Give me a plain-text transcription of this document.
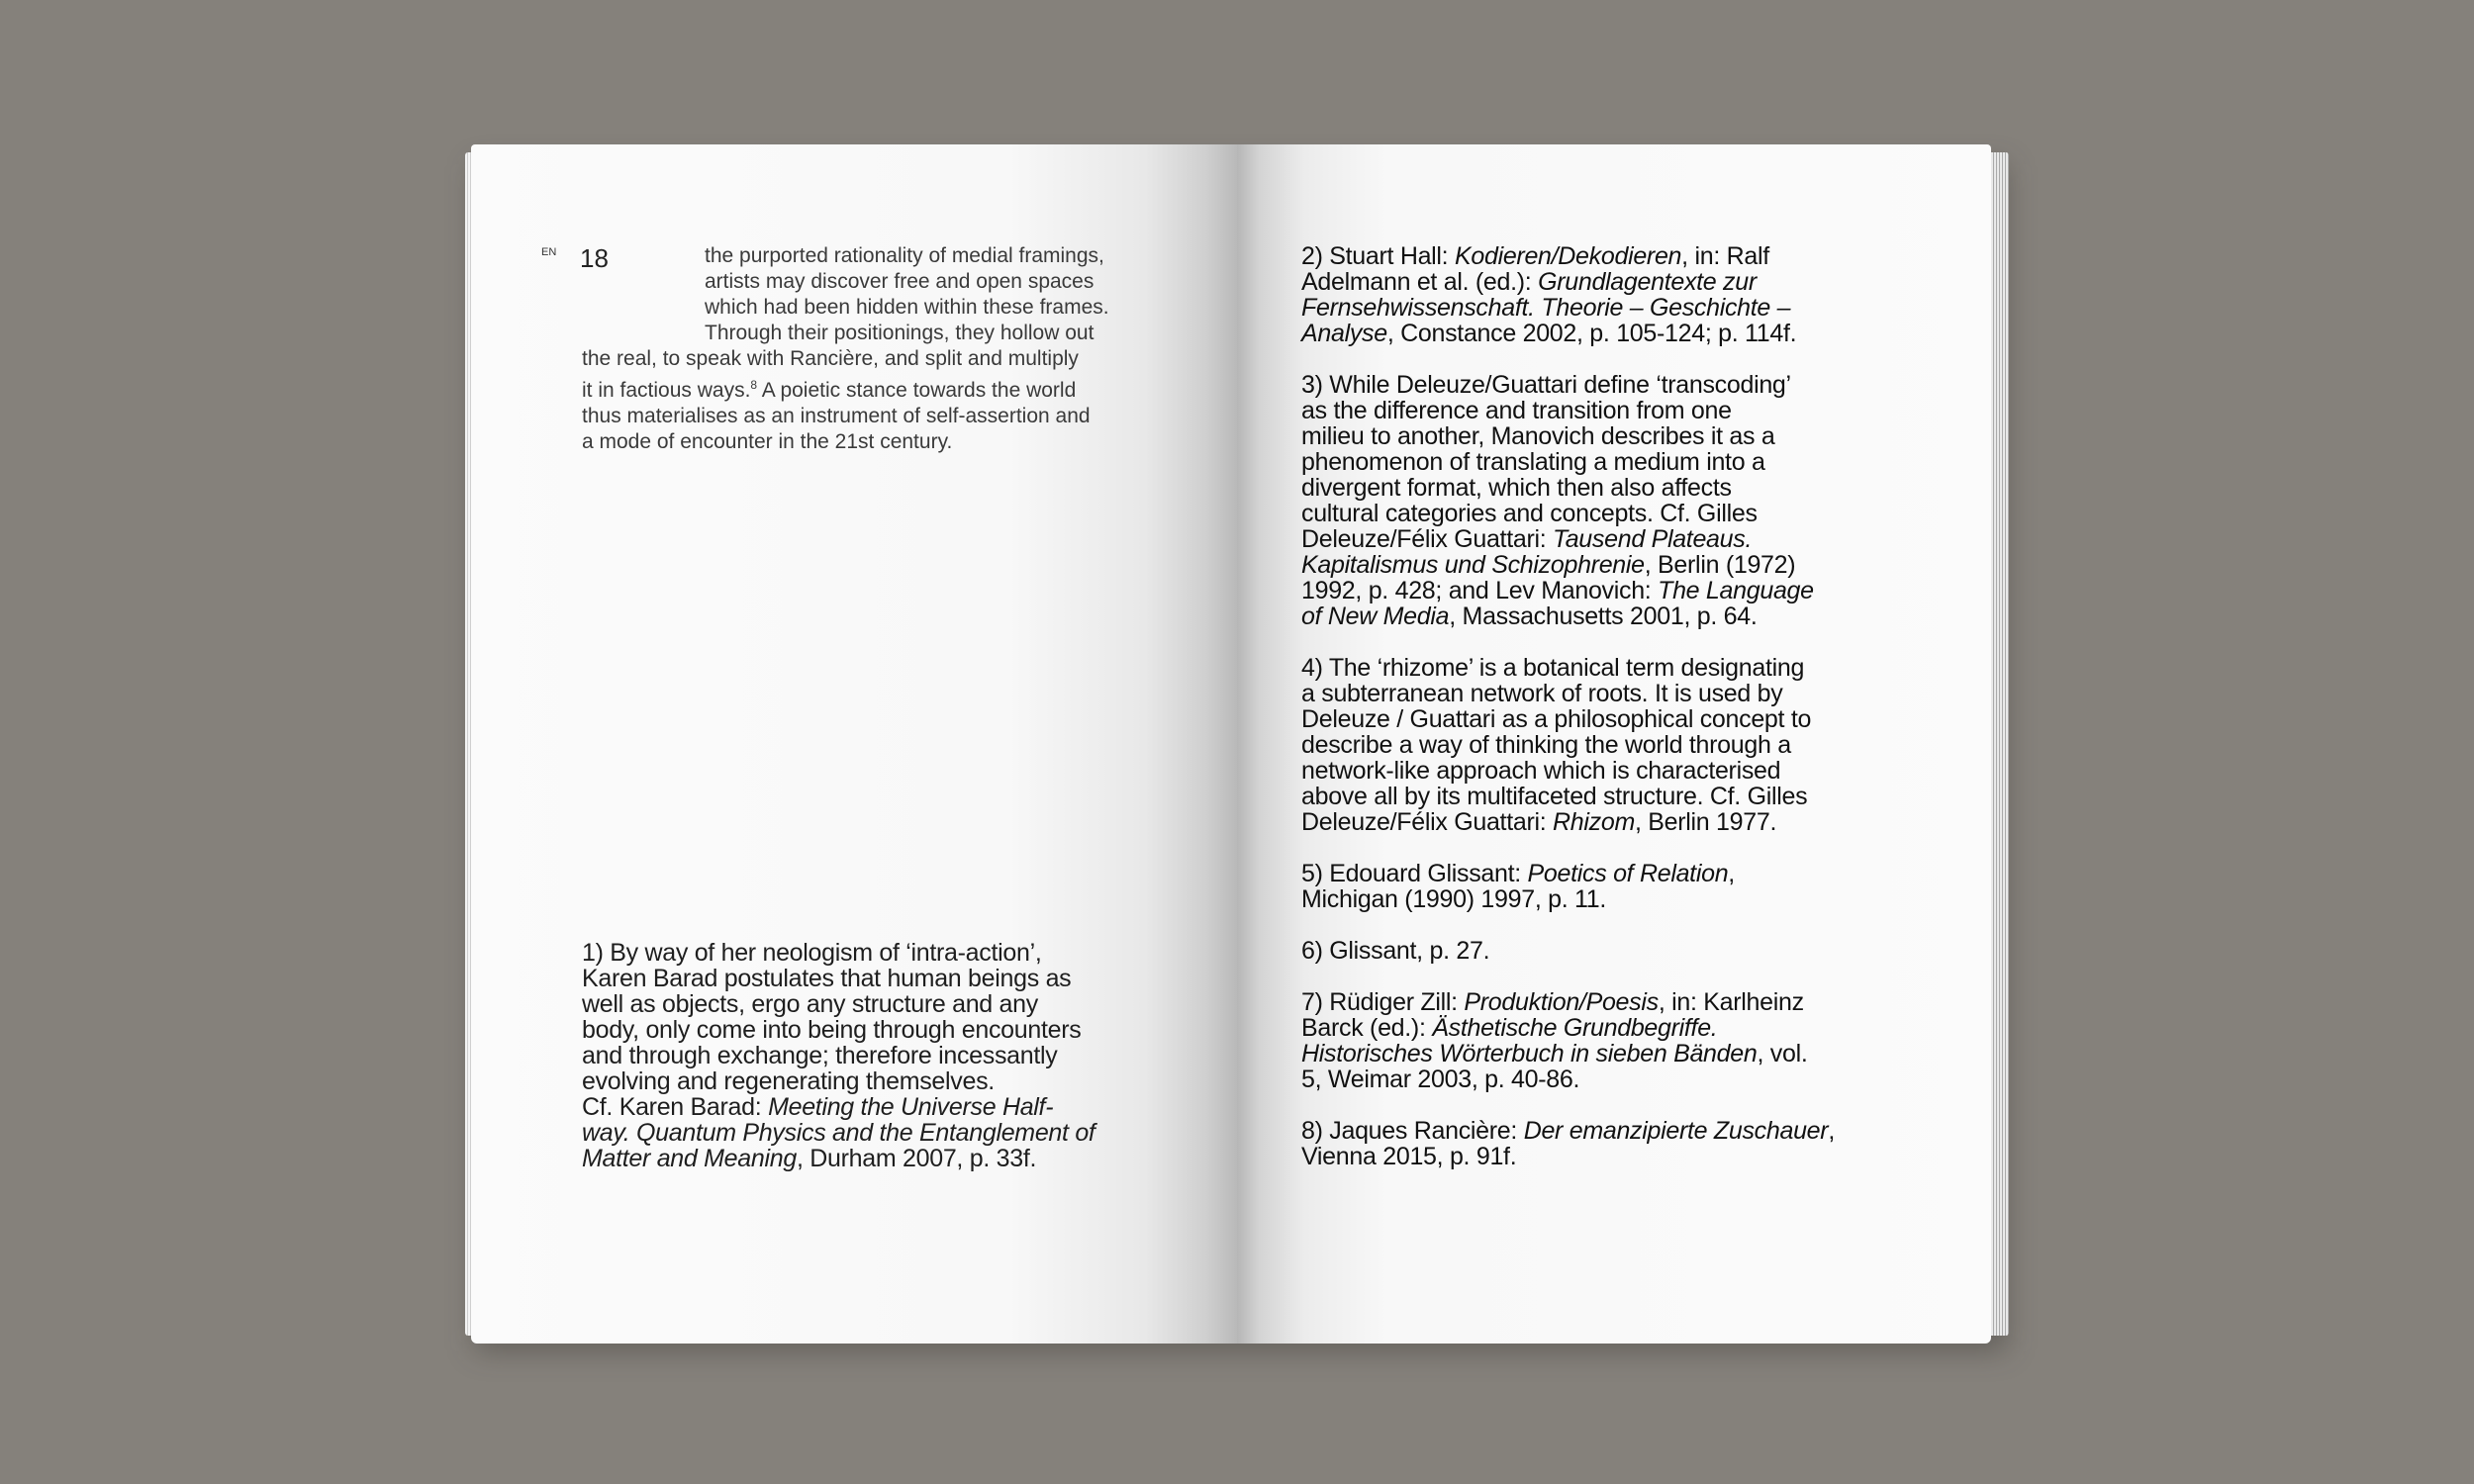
EN 18	the purported rationality of medial framings,
artists may discover free and open spaces
which had been hidden within these frames.
Through their positionings, they hollow out
the real, to speak with Rancière, and split and multiply
it in factious ways.$^8$ A poietic stance towards the world
thus materialises as an instrument of self-assertion and
a mode of encounter in the 21st century.
1) By way of her neologism of ‘intra-action’,
Karen Barad postulates that human beings as
well as objects, ergo any structure and any
body, only come into being through encounters
and through exchange; therefore incessantly
evolving and regenerating themselves.
Cf. Karen Barad: Meeting the Universe Half-
way. Quantum Physics and the Entanglement of
Matter and Meaning, Durham 2007, p. 33f.
2) Stuart Hall: Kodieren/Dekodieren, in: Ralf
Adelmann et al. (ed.): Grundlagentexte zur
Fernsehwissenschaft. Theorie – Geschichte –
Analyse, Constance 2002, p. 105-124; p. 114f.
3) While Deleuze/Guattari define ‘transcoding’
as the difference and transition from one
milieu to another, Manovich describes it as a
phenomenon of translating a medium into a
divergent format, which then also affects
cultural categories and concepts. Cf. Gilles
Deleuze/Félix Guattari: Tausend Plateaus.
Kapitalismus und Schizophrenie, Berlin (1972)
1992, p. 428; and Lev Manovich: The Language
of New Media, Massachusetts 2001, p. 64.
4) The ‘rhizome’ is a botanical term designating
a subterranean network of roots. It is used by
Deleuze / Guattari as a philosophical concept to
describe a way of thinking the world through a
network-like approach which is characterised
above all by its multifaceted structure. Cf. Gilles
Deleuze/Félix Guattari: Rhizom, Berlin 1977.
5) Edouard Glissant: Poetics of Relation,
Michigan (1990) 1997, p. 11.
6) Glissant, p. 27.
7) Rüdiger Zill: Produktion/Poesis, in: Karlheinz
Barck (ed.): Ästhetische Grundbegriffe.
Historisches Wörterbuch in sieben Bänden, vol.
5, Weimar 2003, p. 40-86.
8) Jaques Rancière: Der emanzipierte Zuschauer,
Vienna 2015, p. 91f.
